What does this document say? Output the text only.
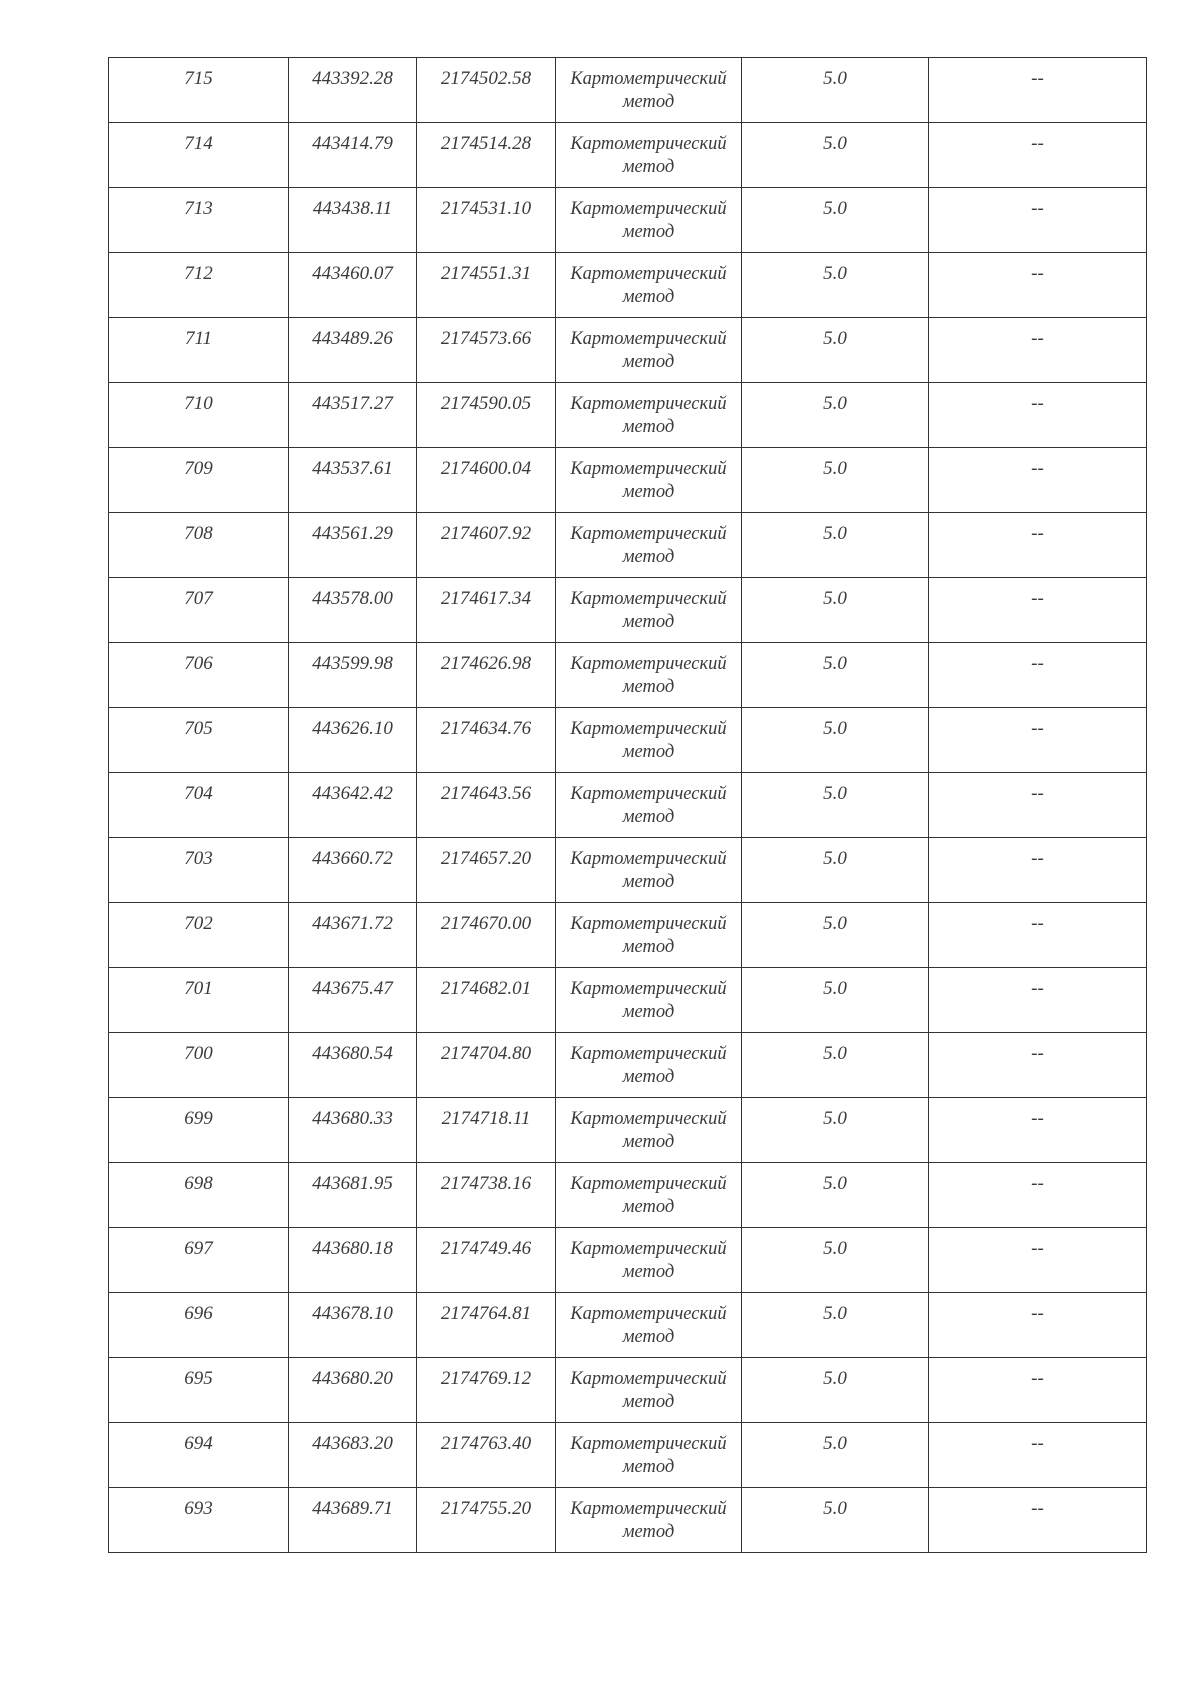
715	443392.28	2174502.58	Картометрический
метод	5.0	--
714	443414.79	2174514.28	Картометрический
метод	5.0	--
713	443438.11	2174531.10	Картометрический
метод	5.0	--
712	443460.07	2174551.31	Картометрический
метод	5.0	--
711	443489.26	2174573.66	Картометрический
метод	5.0	--
710	443517.27	2174590.05	Картометрический
метод	5.0	--
709	443537.61	2174600.04	Картометрический
метод	5.0	--
708	443561.29	2174607.92	Картометрический
метод	5.0	--
707	443578.00	2174617.34	Картометрический
метод	5.0	--
706	443599.98	2174626.98	Картометрический
метод	5.0	--
705	443626.10	2174634.76	Картометрический
метод	5.0	--
704	443642.42	2174643.56	Картометрический
метод	5.0	--
703	443660.72	2174657.20	Картометрический
метод	5.0	--
702	443671.72	2174670.00	Картометрический
метод	5.0	--
701	443675.47	2174682.01	Картометрический
метод	5.0	--
700	443680.54	2174704.80	Картометрический
метод	5.0	--
699	443680.33	2174718.11	Картометрический
метод	5.0	--
698	443681.95	2174738.16	Картометрический
метод	5.0	--
697	443680.18	2174749.46	Картометрический
метод	5.0	--
696	443678.10	2174764.81	Картометрический
метод	5.0	--
695	443680.20	2174769.12	Картометрический
метод	5.0	--
694	443683.20	2174763.40	Картометрический
метод	5.0	--
693	443689.71	2174755.20	Картометрический
метод	5.0	--
